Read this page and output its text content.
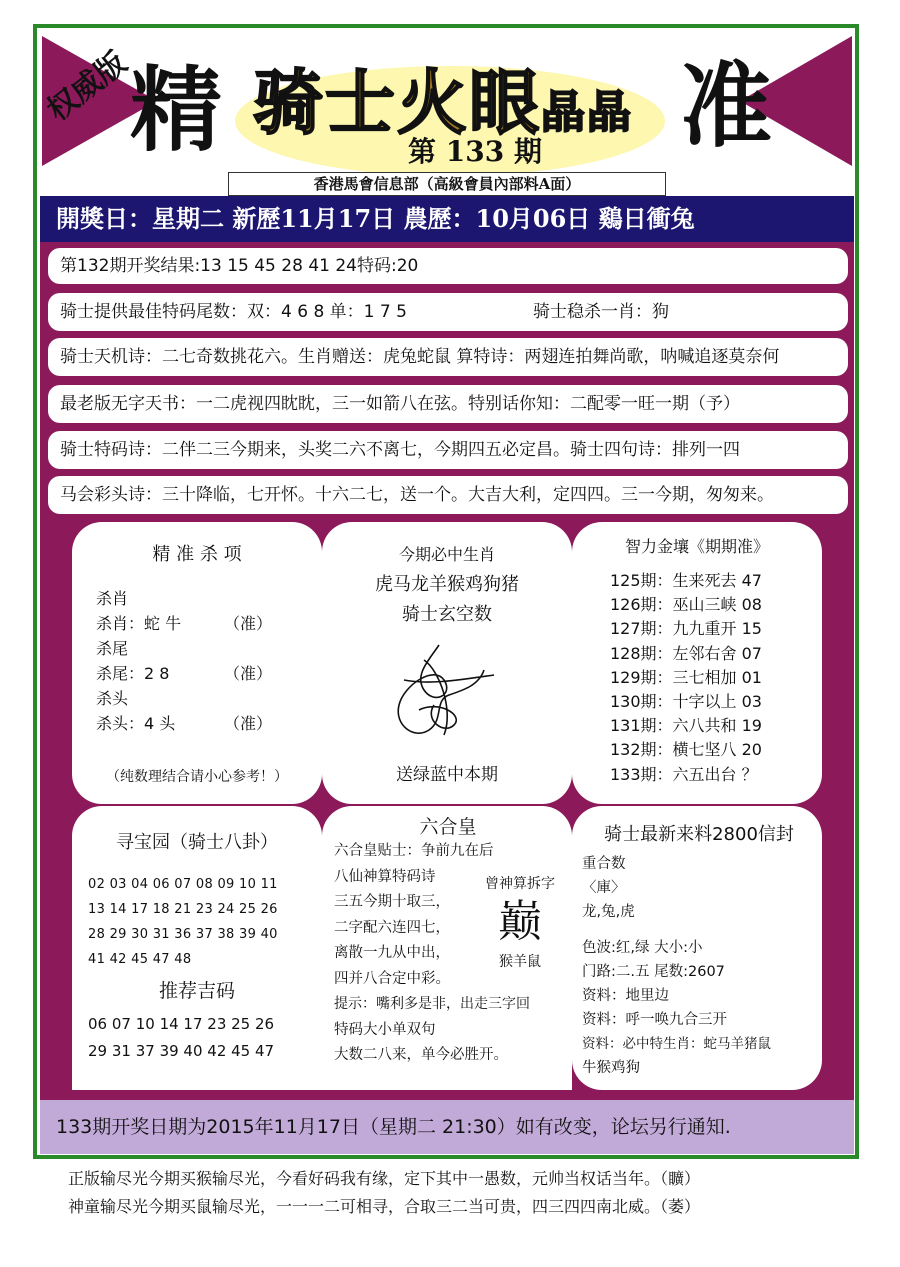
权威版
精	准
骑士火眼晶晶
第 133 期
香港馬會信息部（高級會員內部料A面）
開獎日：星期二 新歷11月17日 農歷：10月06日 鷄日衝兔
第132期开奖结果:13 15 45 28 41 24特码:20
骑士提供最佳特码尾数：双：4 6 8 单：1 7 5	骑士稳杀一肖：狗
骑士天机诗：二七奇数挑花六。生肖赠送：虎兔蛇鼠 算特诗：两翅连拍舞尚歌，呐喊追逐莫奈何
最老版无字天书：一二虎视四眈眈，三一如箭八在弦。特别话你知：二配零一旺一期（予）
骑士特码诗：二伴二三今期来，头奖二六不离七，今期四五必定昌。骑士四句诗：排列一四
马会彩头诗：三十降临，七开怀。十六二七，送一个。大吉大利，定四四。三一今期，匆匆来。
精 准 杀 项
杀肖
杀肖：蛇 牛	（准）
杀尾
杀尾：2 8	（准）
杀头
杀头：4 头	（准）
（纯数理结合请小心参考！）
今期必中生肖
虎马龙羊猴鸡狗猪
骑士玄空数
送绿蓝中本期
智力金壤《期期准》
125期：生来死去 47
126期：巫山三峡 08
127期：九九重开 15
128期：左邻右舍 07
129期：三七相加 01
130期：十字以上 03
131期：六八共和 19
132期：横七坚八 20
133期：六五出台 ？
寻宝园（骑士八卦）
02 03 04 06 07 08 09 10 11
13 14 17 18 21 23 24 25 26
28 29 30 31 36 37 38 39 40
41 42 45 47 48
推荐吉码
06 07 10 14 17 23 25 26
29 31 37 39 40 42 45 47
六合皇
六合皇贴士：争前九在后
八仙神算特码诗
三五今期十取三，
二字配六连四七，
离散一九从中出，
四并八合定中彩。
曾神算拆字
巅
猴羊鼠
提示：嘴利多是非，出走三字回
特码大小单双句
大数二八来，单今必胜开。
骑士最新来料2800信封
重合数
〈庫〉
龙,兔,虎
色波:红,绿 大小:小
门路:二.五 尾数:2607
资料：地里边
资料：呼一唤九合三开
资料：必中特生肖：蛇马羊猪鼠
牛猴鸡狗
133期开奖日期为2015年11月17日（星期二 21:30）如有改变，论坛另行通知.
正版输尽光今期买猴输尽光，今看好码我有缘，定下其中一愚数，元帅当权话当年。（矌）
神童输尽光今期买鼠输尽光，一一一二可相寻，合取三二当可贵，四三四四南北威。（萎）
